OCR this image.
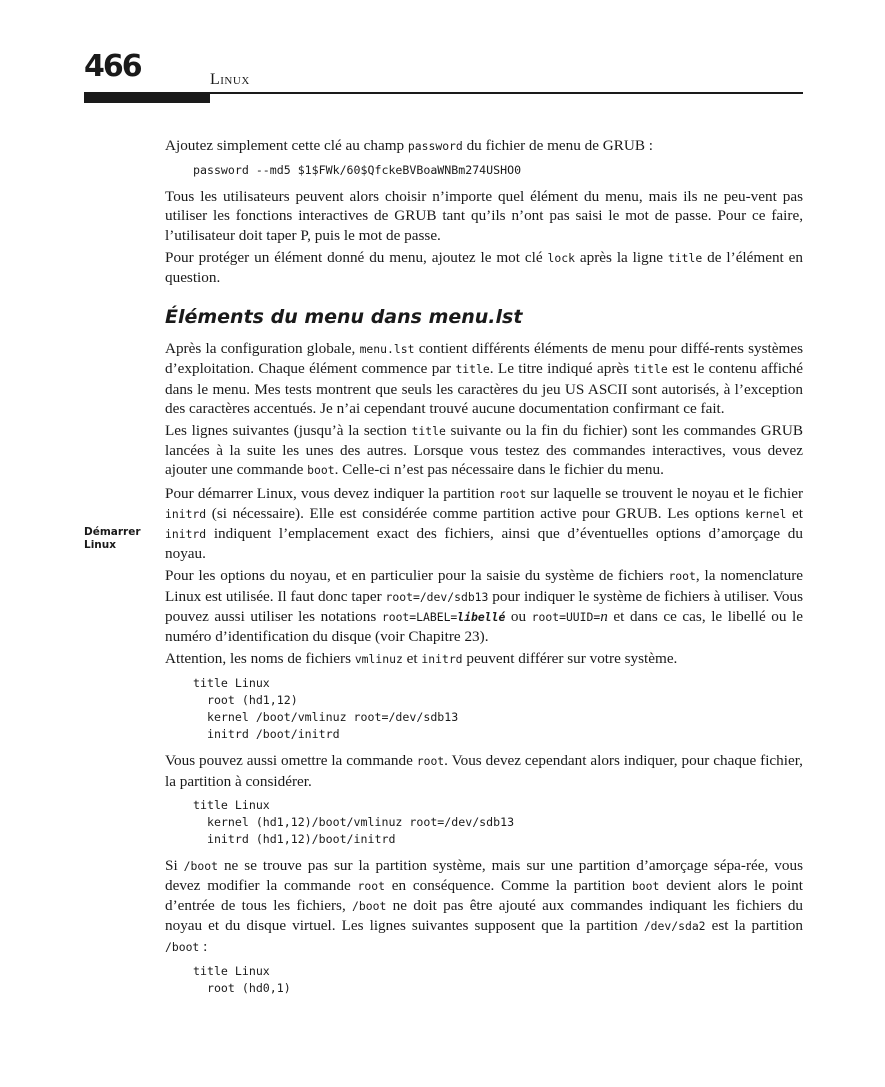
466	Linux
Démarrer
Linux

Ajoutez simplement cette clé au champ password du fichier de menu de GRUB :

password --md5 $1$FWk/60$QfckeBVBoaWNBm274USHO0

Tous les utilisateurs peuvent alors choisir n’importe quel élément du menu, mais ils ne peu-vent pas utiliser les fonctions interactives de GRUB tant qu’ils n’ont pas saisi le mot de passe. Pour ce faire, l’utilisateur doit taper P, puis le mot de passe.

Pour protéger un élément donné du menu, ajoutez le mot clé lock après la ligne title de l’élément en question.

Éléments du menu dans menu.lst

Après la configuration globale, menu.lst contient différents éléments de menu pour diffé-rents systèmes d’exploitation. Chaque élément commence par title. Le titre indiqué après title est le contenu affiché dans le menu. Mes tests montrent que seuls les caractères du jeu US ASCII sont autorisés, à l’exception des caractères accentués. Je n’ai cependant trouvé aucune documentation confirmant ce fait.

Les lignes suivantes (jusqu’à la section title suivante ou la fin du fichier) sont les commandes GRUB lancées à la suite les unes des autres. Lorsque vous testez des commandes interactives, vous devez ajouter une commande boot. Celle-ci n’est pas nécessaire dans le fichier du menu.

Pour démarrer Linux, vous devez indiquer la partition root sur laquelle se trouvent le noyau et le fichier initrd (si nécessaire). Elle est considérée comme partition active pour GRUB. Les options kernel et initrd indiquent l’emplacement exact des fichiers, ainsi que d’éventuelles options d’amorçage du noyau.

Pour les options du noyau, et en particulier pour la saisie du système de fichiers root, la nomenclature Linux est utilisée. Il faut donc taper root=/dev/sdb13 pour indiquer le système de fichiers à utiliser. Vous pouvez aussi utiliser les notations root=LABEL=libellé ou root=UUID=n et dans ce cas, le libellé ou le numéro d’identification du disque (voir Chapitre 23).

Attention, les noms de fichiers vmlinuz et initrd peuvent différer sur votre système.

title Linux
root (hd1,12)
kernel /boot/vmlinuz root=/dev/sdb13
initrd /boot/initrd

Vous pouvez aussi omettre la commande root. Vous devez cependant alors indiquer, pour chaque fichier, la partition à considérer.

title Linux
kernel (hd1,12)/boot/vmlinuz root=/dev/sdb13
initrd (hd1,12)/boot/initrd

Si /boot ne se trouve pas sur la partition système, mais sur une partition d’amorçage sépa-rée, vous devez modifier la commande root en conséquence. Comme la partition boot devient alors le point d’entrée de tous les fichiers, /boot ne doit pas être ajouté aux commandes indiquant les fichiers du noyau et du disque virtuel. Les lignes suivantes supposent que la partition /dev/sda2 est la partition /boot :

title Linux
root (hd0,1)
